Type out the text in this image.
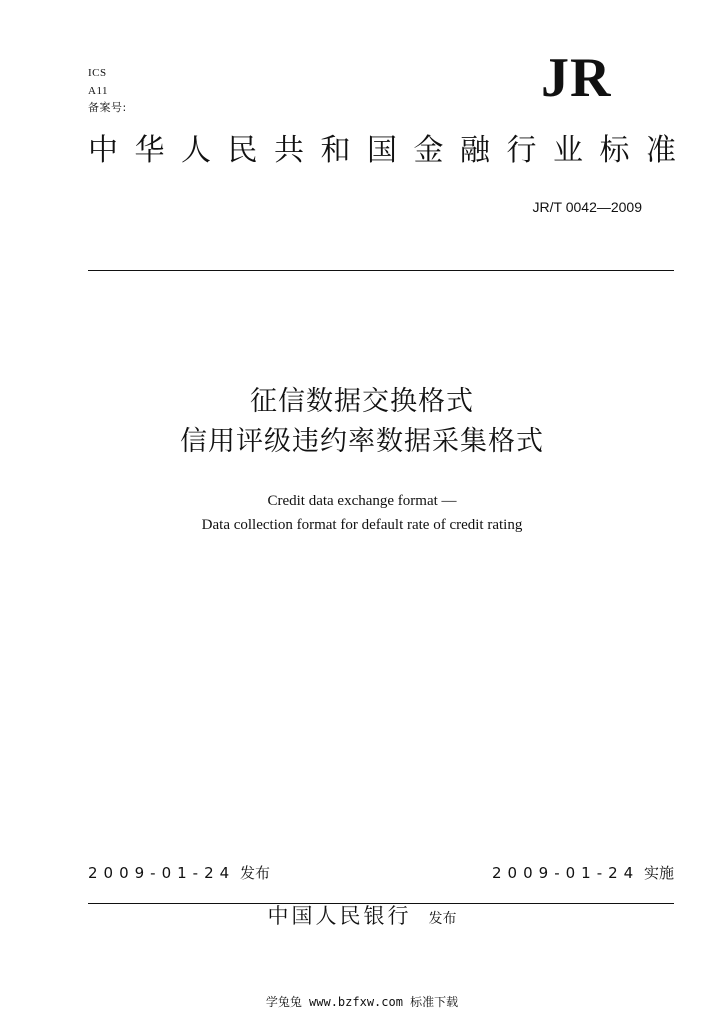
ICS
A11
备案号:	JR
中华人民共和国金融行业标准
JR/T 0042—2009
征信数据交换格式
信用评级违约率数据采集格式
Credit data exchange format —
Data collection format for default rate of credit rating
2009-01-24 发布	2009-01-24 实施
中国人民银行 发布
学兔兔 www.bzfxw.com 标准下载
